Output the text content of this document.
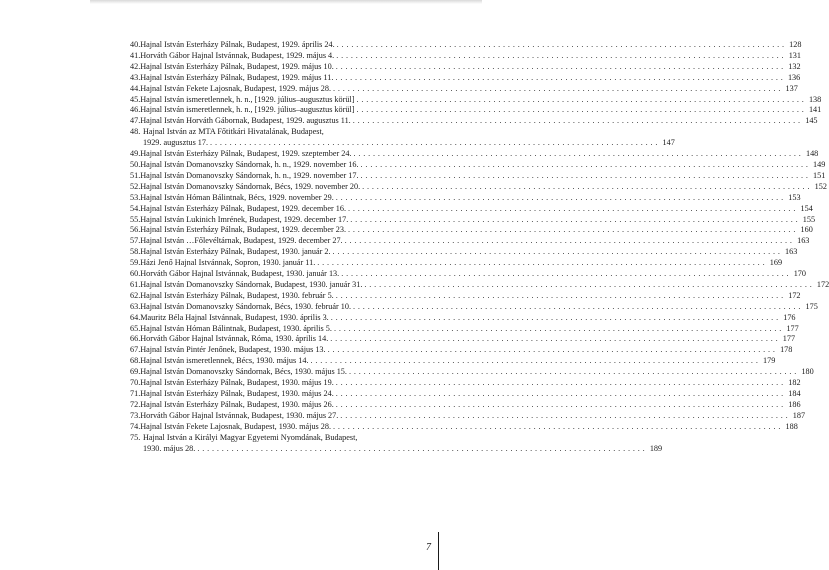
40. Hajnal István Esterházy Pálnak, Budapest, 1929. április 24. . . . . . . . . . . . . . . . . . . . . . . . . . . . . . . . . . . . . . . . . . . . . . . . . . . . . . . . . . . . . . . . . . . . . . . . . . . . . . . . . . . . . . . . . . . . . 128
41. Horváth Gábor Hajnal Istvánnak, Budapest, 1929. május 4. . . . . . . . . . . . . . . . . . . . . . . . . . . . . . . . . . . . . . . . . . . . . . . . . . . . . . . . . . . . . . . . . . . . . . . . . . . . . . . . . . . . . . . . . . . . . 131
42. Hajnal István Esterházy Pálnak, Budapest, 1929. május 10. . . . . . . . . . . . . . . . . . . . . . . . . . . . . . . . . . . . . . . . . . . . . . . . . . . . . . . . . . . . . . . . . . . . . . . . . . . . . . . . . . . . . . . . . . . . . 132
43. Hajnal István Esterházy Pálnak, Budapest, 1929. május 11. . . . . . . . . . . . . . . . . . . . . . . . . . . . . . . . . . . . . . . . . . . . . . . . . . . . . . . . . . . . . . . . . . . . . . . . . . . . . . . . . . . . . . . . . . . . . 136
44. Hajnal István Fekete Lajosnak, Budapest, 1929. május 28. . . . . . . . . . . . . . . . . . . . . . . . . . . . . . . . . . . . . . . . . . . . . . . . . . . . . . . . . . . . . . . . . . . . . . . . . . . . . . . . . . . . . . . . . . . . . 137
45. Hajnal István ismeretlennek, h. n., [1929. július–augusztus körül] . . . . . . . . . . . . . . . . . . . . . . . . . . . . . . . . . . . . . . . . . . . . . . . . . . . . . . . . . . . . . . . . . . . . . . . . . . . . . . . . . . . . . . . . . . . . 138
46. Hajnal István ismeretlennek, h. n., [1929. július–augusztus körül] . . . . . . . . . . . . . . . . . . . . . . . . . . . . . . . . . . . . . . . . . . . . . . . . . . . . . . . . . . . . . . . . . . . . . . . . . . . . . . . . . . . . . . . . . . . . 141
47. Hajnal István Horváth Gábornak, Budapest, 1929. augusztus 11. . . . . . . . . . . . . . . . . . . . . . . . . . . . . . . . . . . . . . . . . . . . . . . . . . . . . . . . . . . . . . . . . . . . . . . . . . . . . . . . . . . . . . . . . . . . . 145
48. Hajnal István az MTA Főtitkári Hivatalának, Budapest,
1929. augusztus 17. . . . . . . . . . . . . . . . . . . . . . . . . . . . . . . . . . . . . . . . . . . . . . . . . . . . . . . . . . . . . . . . . . . . . . . . . . . . . . . . . . . . . . . . . . . . . 147
49. Hajnal István Esterházy Pálnak, Budapest, 1929. szeptember 24. . . . . . . . . . . . . . . . . . . . . . . . . . . . . . . . . . . . . . . . . . . . . . . . . . . . . . . . . . . . . . . . . . . . . . . . . . . . . . . . . . . . . . . . . . . . . 148
50. Hajnal István Domanovszky Sándornak, h. n., 1929. november 16. . . . . . . . . . . . . . . . . . . . . . . . . . . . . . . . . . . . . . . . . . . . . . . . . . . . . . . . . . . . . . . . . . . . . . . . . . . . . . . . . . . . . . . . . . . . . 149
51. Hajnal István Domanovszky Sándornak, h. n., 1929. november 17. . . . . . . . . . . . . . . . . . . . . . . . . . . . . . . . . . . . . . . . . . . . . . . . . . . . . . . . . . . . . . . . . . . . . . . . . . . . . . . . . . . . . . . . . . . . . 151
52. Hajnal István Domanovszky Sándornak, Bécs, 1929. november 20. . . . . . . . . . . . . . . . . . . . . . . . . . . . . . . . . . . . . . . . . . . . . . . . . . . . . . . . . . . . . . . . . . . . . . . . . . . . . . . . . . . . . . . . . . . . . 152
53. Hajnal István Hóman Bálintnak, Bécs, 1929. november 29. . . . . . . . . . . . . . . . . . . . . . . . . . . . . . . . . . . . . . . . . . . . . . . . . . . . . . . . . . . . . . . . . . . . . . . . . . . . . . . . . . . . . . . . . . . . . 153
54. Hajnal István Esterházy Pálnak, Budapest, 1929. december 16. . . . . . . . . . . . . . . . . . . . . . . . . . . . . . . . . . . . . . . . . . . . . . . . . . . . . . . . . . . . . . . . . . . . . . . . . . . . . . . . . . . . . . . . . . . . . 154
55. Hajnal István Lukinich Imrének, Budapest, 1929. december 17. . . . . . . . . . . . . . . . . . . . . . . . . . . . . . . . . . . . . . . . . . . . . . . . . . . . . . . . . . . . . . . . . . . . . . . . . . . . . . . . . . . . . . . . . . . . . 155
56. Hajnal István Esterházy Pálnak, Budapest, 1929. december 23. . . . . . . . . . . . . . . . . . . . . . . . . . . . . . . . . . . . . . . . . . . . . . . . . . . . . . . . . . . . . . . . . . . . . . . . . . . . . . . . . . . . . . . . . . . . . 160
57. Hajnal István …Főlevéltárnak, Budapest, 1929. december 27. . . . . . . . . . . . . . . . . . . . . . . . . . . . . . . . . . . . . . . . . . . . . . . . . . . . . . . . . . . . . . . . . . . . . . . . . . . . . . . . . . . . . . . . . . . . . 163
58. Hajnal István Esterházy Pálnak, Budapest, 1930. január 2. . . . . . . . . . . . . . . . . . . . . . . . . . . . . . . . . . . . . . . . . . . . . . . . . . . . . . . . . . . . . . . . . . . . . . . . . . . . . . . . . . . . . . . . . . . . . 163
59. Házi Jenő Hajnal Istvánnak, Sopron, 1930. január 11. . . . . . . . . . . . . . . . . . . . . . . . . . . . . . . . . . . . . . . . . . . . . . . . . . . . . . . . . . . . . . . . . . . . . . . . . . . . . . . . . . . . . . . . . . . . . 169
60. Horváth Gábor Hajnal Istvánnak, Budapest, 1930. január 13. . . . . . . . . . . . . . . . . . . . . . . . . . . . . . . . . . . . . . . . . . . . . . . . . . . . . . . . . . . . . . . . . . . . . . . . . . . . . . . . . . . . . . . . . . . . . 170
61. Hajnal István Domanovszky Sándornak, Budapest, 1930. január 31. . . . . . . . . . . . . . . . . . . . . . . . . . . . . . . . . . . . . . . . . . . . . . . . . . . . . . . . . . . . . . . . . . . . . . . . . . . . . . . . . . . . . . . . . . . . . 172
62. Hajnal István Esterházy Pálnak, Budapest, 1930. február 5. . . . . . . . . . . . . . . . . . . . . . . . . . . . . . . . . . . . . . . . . . . . . . . . . . . . . . . . . . . . . . . . . . . . . . . . . . . . . . . . . . . . . . . . . . . . . 172
63. Hajnal István Domanovszky Sándornak, Bécs, 1930. február 10. . . . . . . . . . . . . . . . . . . . . . . . . . . . . . . . . . . . . . . . . . . . . . . . . . . . . . . . . . . . . . . . . . . . . . . . . . . . . . . . . . . . . . . . . . . . . 175
64. Mauritz Béla Hajnal Istvánnak, Budapest, 1930. április 3. . . . . . . . . . . . . . . . . . . . . . . . . . . . . . . . . . . . . . . . . . . . . . . . . . . . . . . . . . . . . . . . . . . . . . . . . . . . . . . . . . . . . . . . . . . . . 176
65. Hajnal István Hóman Bálintnak, Budapest, 1930. április 5. . . . . . . . . . . . . . . . . . . . . . . . . . . . . . . . . . . . . . . . . . . . . . . . . . . . . . . . . . . . . . . . . . . . . . . . . . . . . . . . . . . . . . . . . . . . . 177
66. Horváth Gábor Hajnal Istvánnak, Róma, 1930. április 14. . . . . . . . . . . . . . . . . . . . . . . . . . . . . . . . . . . . . . . . . . . . . . . . . . . . . . . . . . . . . . . . . . . . . . . . . . . . . . . . . . . . . . . . . . . . . 177
67. Hajnal István Pintér Jenőnek, Budapest, 1930. május 13. . . . . . . . . . . . . . . . . . . . . . . . . . . . . . . . . . . . . . . . . . . . . . . . . . . . . . . . . . . . . . . . . . . . . . . . . . . . . . . . . . . . . . . . . . . . . 178
68. Hajnal István ismeretlennek, Bécs, 1930. május 14. . . . . . . . . . . . . . . . . . . . . . . . . . . . . . . . . . . . . . . . . . . . . . . . . . . . . . . . . . . . . . . . . . . . . . . . . . . . . . . . . . . . . . . . . . . . . 179
69. Hajnal István Domanovszky Sándornak, Bécs, 1930. május 15. . . . . . . . . . . . . . . . . . . . . . . . . . . . . . . . . . . . . . . . . . . . . . . . . . . . . . . . . . . . . . . . . . . . . . . . . . . . . . . . . . . . . . . . . . . . . 180
70. Hajnal István Esterházy Pálnak, Budapest, 1930. május 19. . . . . . . . . . . . . . . . . . . . . . . . . . . . . . . . . . . . . . . . . . . . . . . . . . . . . . . . . . . . . . . . . . . . . . . . . . . . . . . . . . . . . . . . . . . . . 182
71. Hajnal István Esterházy Pálnak, Budapest, 1930. május 24. . . . . . . . . . . . . . . . . . . . . . . . . . . . . . . . . . . . . . . . . . . . . . . . . . . . . . . . . . . . . . . . . . . . . . . . . . . . . . . . . . . . . . . . . . . . . 184
72. Hajnal István Esterházy Pálnak, Budapest, 1930. május 26. . . . . . . . . . . . . . . . . . . . . . . . . . . . . . . . . . . . . . . . . . . . . . . . . . . . . . . . . . . . . . . . . . . . . . . . . . . . . . . . . . . . . . . . . . . . . 186
73. Horváth Gábor Hajnal Istvánnak, Budapest, 1930. május 27. . . . . . . . . . . . . . . . . . . . . . . . . . . . . . . . . . . . . . . . . . . . . . . . . . . . . . . . . . . . . . . . . . . . . . . . . . . . . . . . . . . . . . . . . . . . . 187
74. Hajnal István Fekete Lajosnak, Budapest, 1930. május 28. . . . . . . . . . . . . . . . . . . . . . . . . . . . . . . . . . . . . . . . . . . . . . . . . . . . . . . . . . . . . . . . . . . . . . . . . . . . . . . . . . . . . . . . . . . . . 188
75. Hajnal István a Királyi Magyar Egyetemi Nyomdának, Budapest,
1930. május 28. . . . . . . . . . . . . . . . . . . . . . . . . . . . . . . . . . . . . . . . . . . . . . . . . . . . . . . . . . . . . . . . . . . . . . . . . . . . . . . . . . . . . . . . . . . . . 189
7
